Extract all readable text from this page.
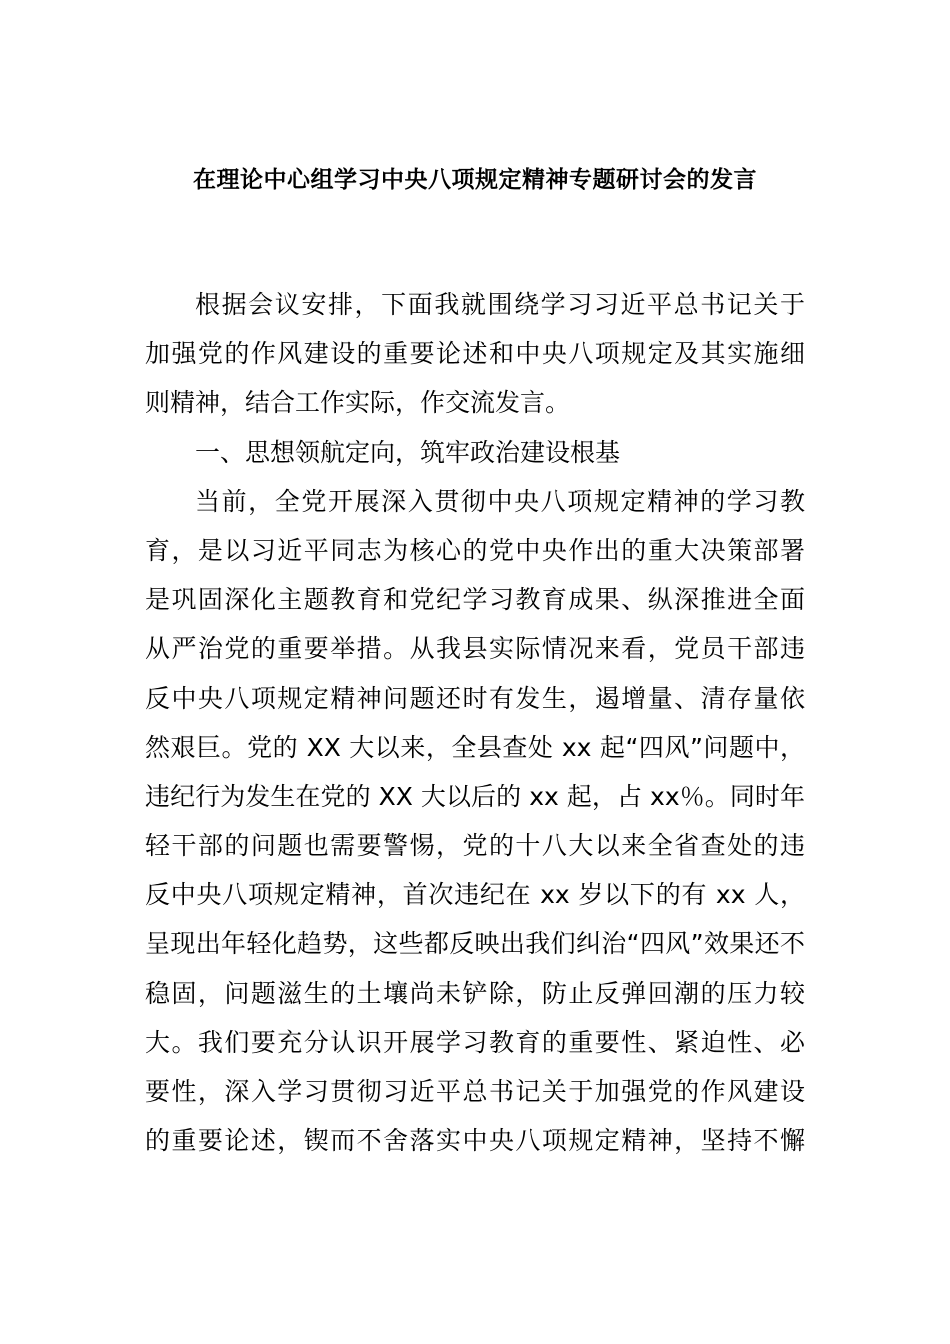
在理论中心组学习中央八项规定精神专题研讨会的发言
根据会议安排，下面我就围绕学习习近平总书记关于
加强党的作风建设的重要论述和中央八项规定及其实施细
则精神，结合工作实际，作交流发言。
一、思想领航定向，筑牢政治建设根基
当前，全党开展深入贯彻中央八项规定精神的学习教
育，是以习近平同志为核心的党中央作出的重大决策部署
是巩固深化主题教育和党纪学习教育成果、纵深推进全面
从严治党的重要举措。从我县实际情况来看，党员干部违
反中央八项规定精神问题还时有发生，遏增量、清存量依
然艰巨。党的 XX 大以来，全县查处 xx 起“四风”问题中，
违纪行为发生在党的 XX 大以后的 xx 起，占 xx％。同时年
轻干部的问题也需要警惕，党的十八大以来全省查处的违
反中央八项规定精神，首次违纪在 xx 岁以下的有 xx 人，
呈现出年轻化趋势，这些都反映出我们纠治“四风”效果还不
稳固，问题滋生的土壤尚未铲除，防止反弹回潮的压力较
大。我们要充分认识开展学习教育的重要性、紧迫性、必
要性，深入学习贯彻习近平总书记关于加强党的作风建设
的重要论述，锲而不舍落实中央八项规定精神，坚持不懈
